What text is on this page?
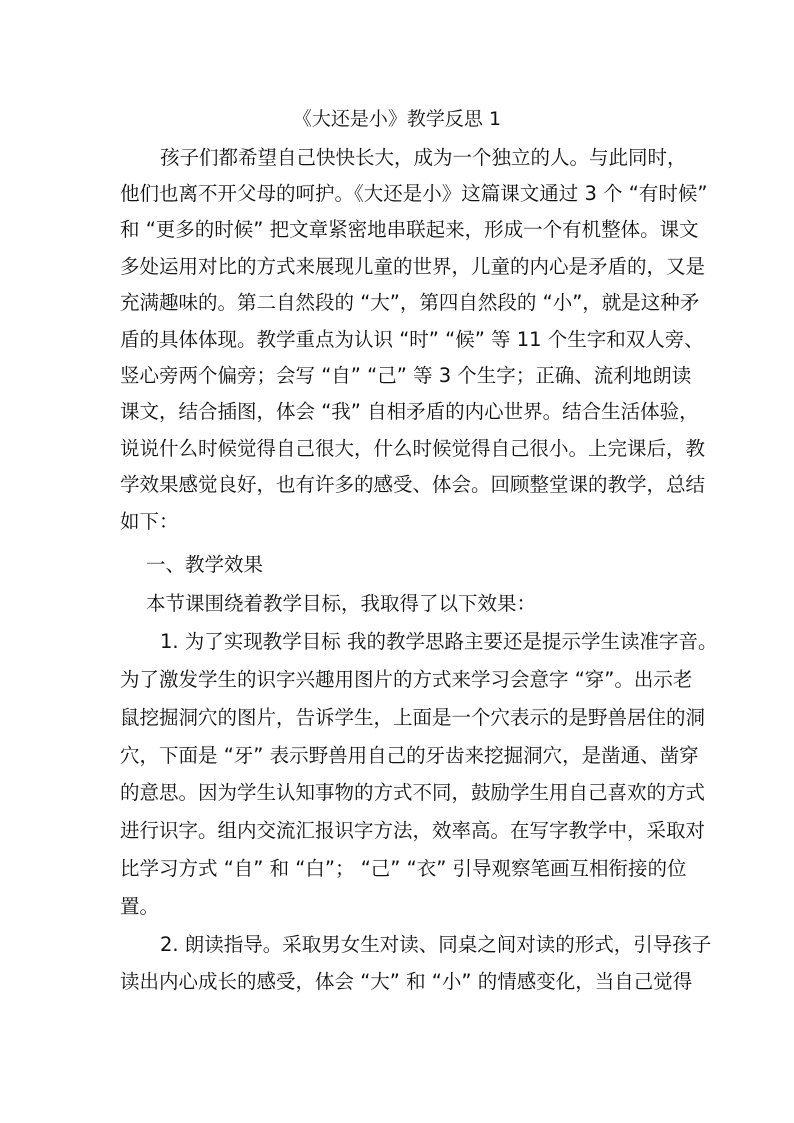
《大还是小》教学反思 1
孩子们都希望自己快快长大，成为一个独立的人。与此同时，
他们也离不开父母的呵护。《大还是小》这篇课文通过 3 个 “有时候”
和 “更多的时候” 把文章紧密地串联起来，形成一个有机整体。课文
多处运用对比的方式来展现儿童的世界，儿童的内心是矛盾的，又是
充满趣味的。第二自然段的 “大”，第四自然段的 “小”，就是这种矛
盾的具体体现。教学重点为认识 “时” “候” 等 11 个生字和双人旁、
竖心旁两个偏旁；会写 “自” “己” 等 3 个生字；正确、流利地朗读
课文，结合插图，体会 “我” 自相矛盾的内心世界。结合生活体验，
说说什么时候觉得自己很大，什么时候觉得自己很小。上完课后，教
学效果感觉良好，也有许多的感受、体会。回顾整堂课的教学，总结
如下：
一、教学效果
本节课围绕着教学目标，我取得了以下效果：
1. 为了实现教学目标 我的教学思路主要还是提示学生读准字音。
为了激发学生的识字兴趣用图片的方式来学习会意字 “穿”。出示老
鼠挖掘洞穴的图片，告诉学生，上面是一个穴表示的是野兽居住的洞
穴，下面是 “牙” 表示野兽用自己的牙齿来挖掘洞穴，是凿通、凿穿
的意思。因为学生认知事物的方式不同，鼓励学生用自己喜欢的方式
进行识字。组内交流汇报识字方法，效率高。在写字教学中，采取对
比学习方式 “自” 和 “白”； “己” “衣” 引导观察笔画互相衔接的位
置。
2. 朗读指导。采取男女生对读、同桌之间对读的形式，引导孩子
读出内心成长的感受，体会 “大” 和 “小” 的情感变化，当自己觉得
